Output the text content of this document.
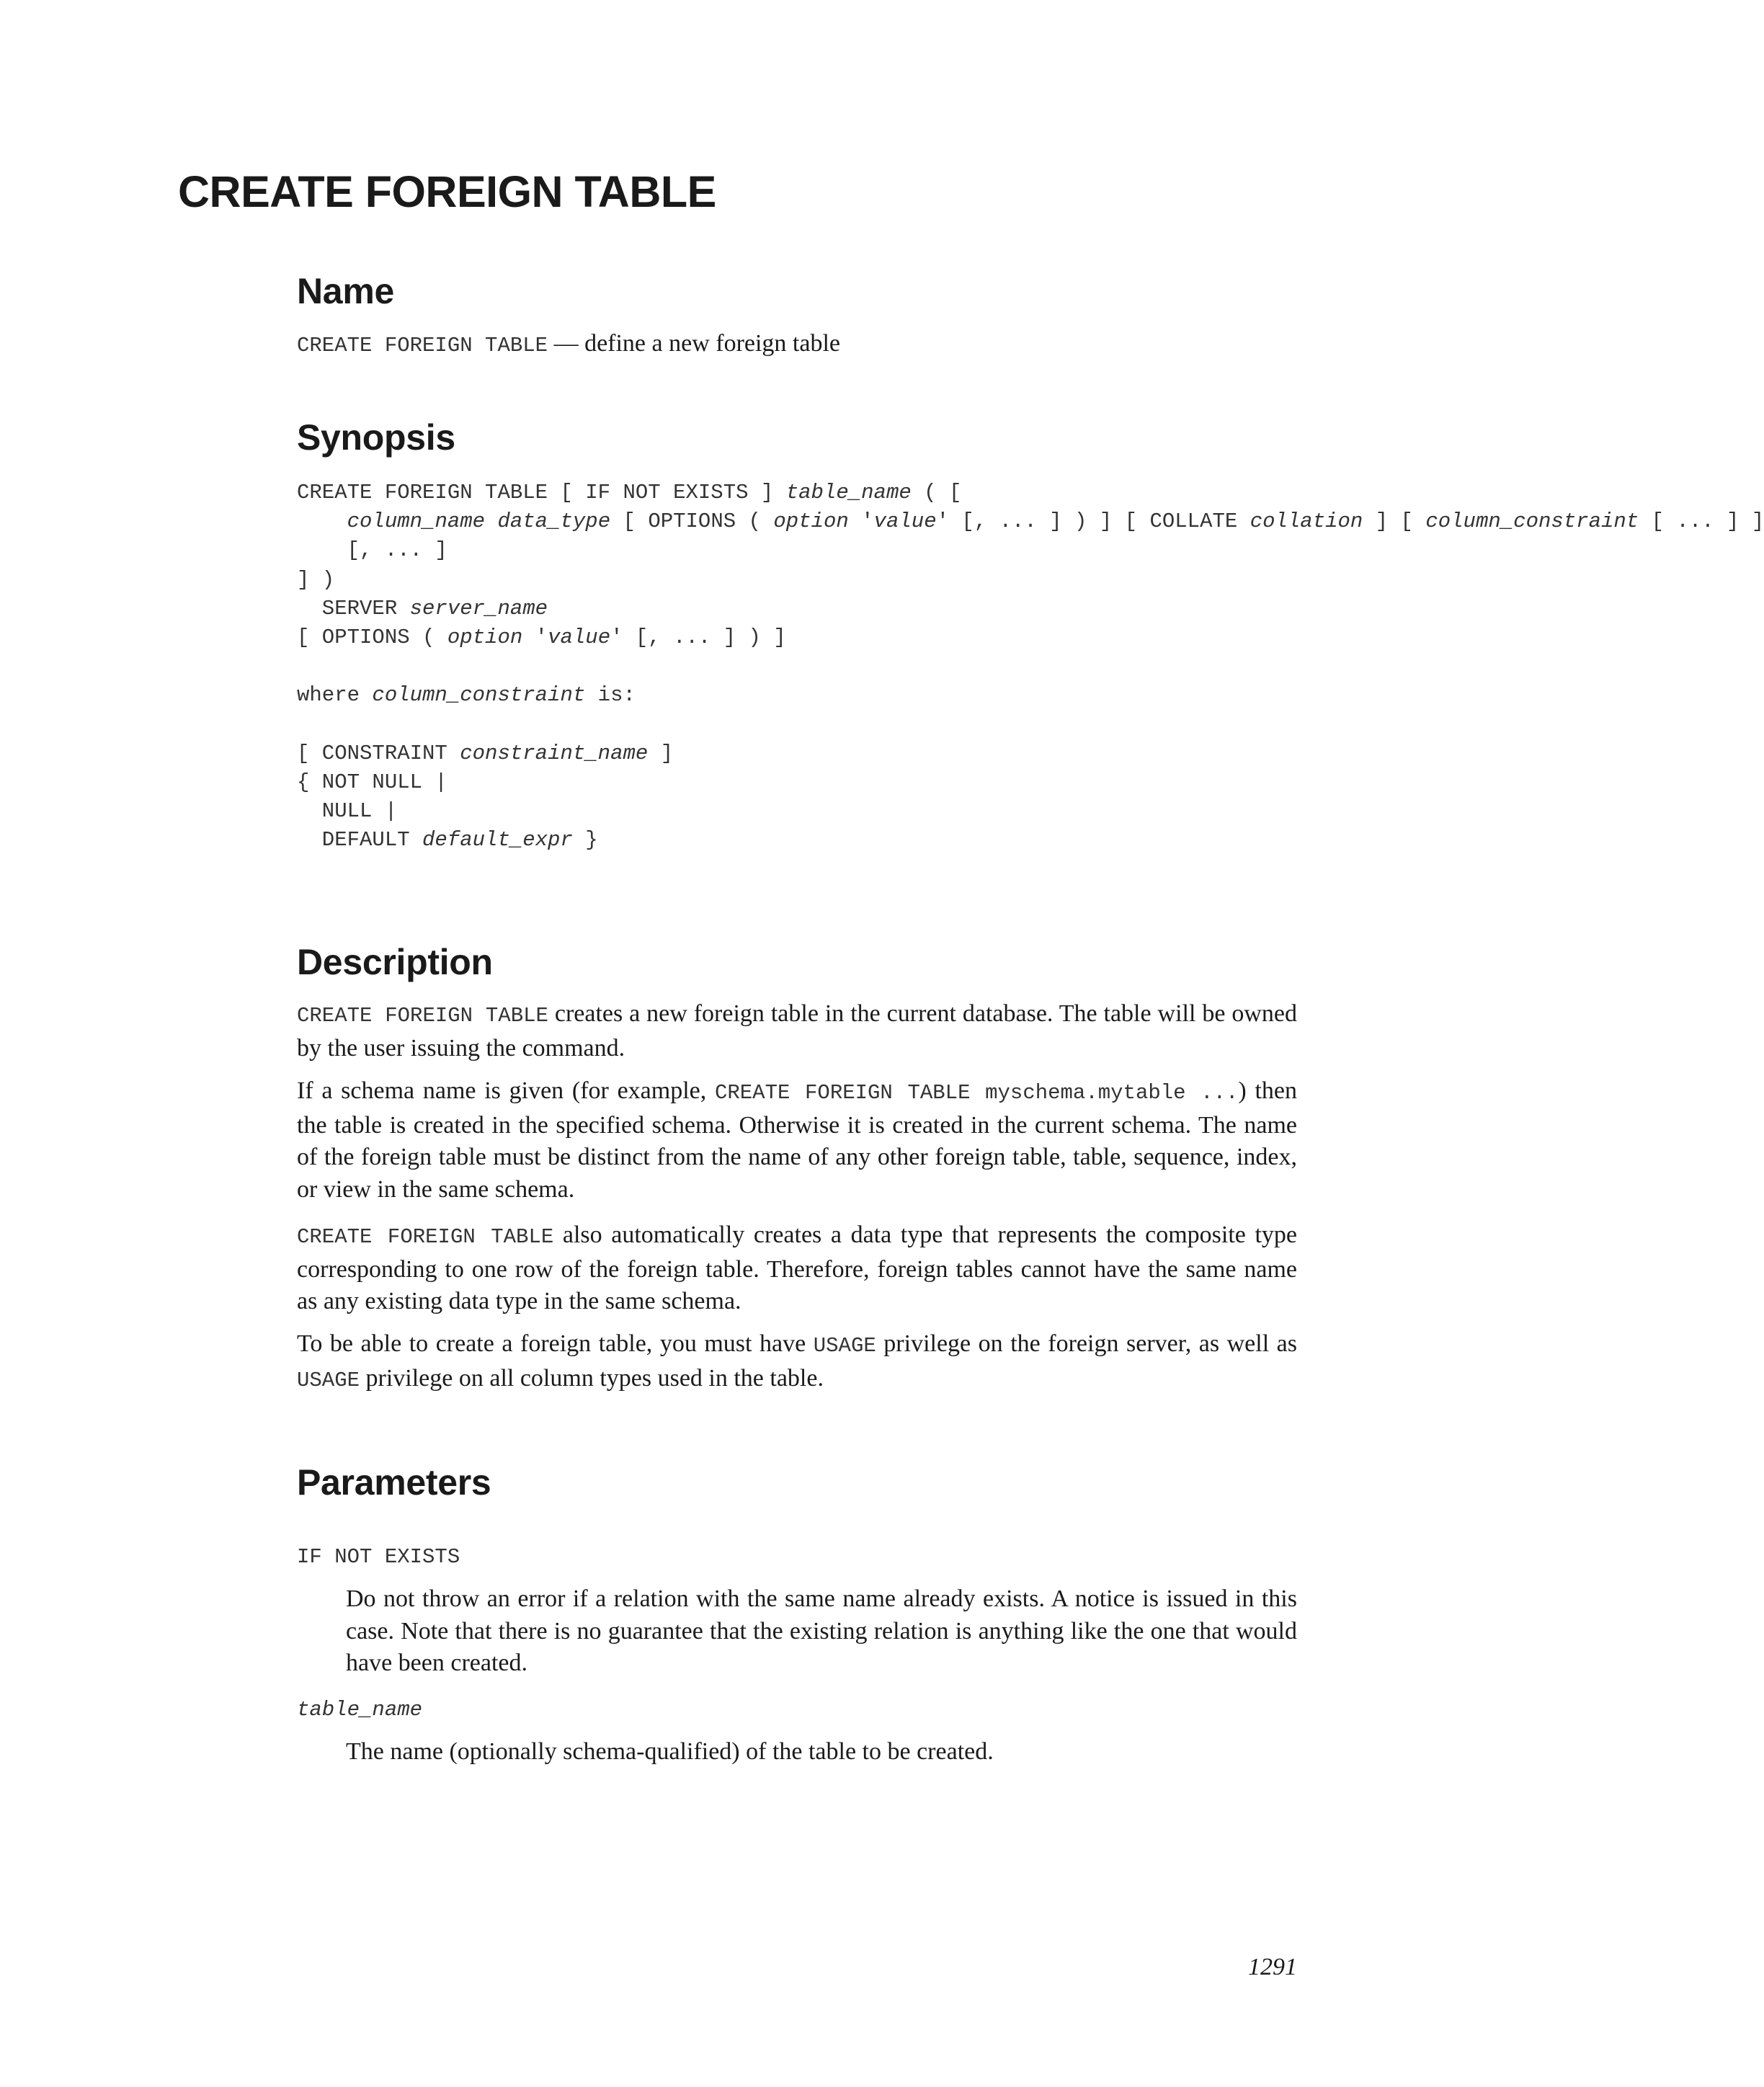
CREATE FOREIGN TABLE
Name

CREATE FOREIGN TABLE — define a new foreign table

Synopsis
CREATE FOREIGN TABLE [ IF NOT EXISTS ] table_name ( [
column_name data_type [ OPTIONS ( option 'value' [, ... ] ) ] [ COLLATE collation ] [ column_constraint [ ... ] ]
[, ... ]
] )
SERVER server_name
[ OPTIONS ( option 'value' [, ... ] ) ]

where column_constraint is:

[ CONSTRAINT constraint_name ]
{ NOT NULL |
NULL |
DEFAULT default_expr }
Description

CREATE FOREIGN TABLE creates a new foreign table in the current database. The table will be owned by the user issuing the command.

If a schema name is given (for example, CREATE FOREIGN TABLE myschema.mytable ...) then the table is created in the specified schema. Otherwise it is created in the current schema. The name of the foreign table must be distinct from the name of any other foreign table, table, sequence, index, or view in the same schema.

CREATE FOREIGN TABLE also automatically creates a data type that represents the composite type corresponding to one row of the foreign table. Therefore, foreign tables cannot have the same name as any existing data type in the same schema.

To be able to create a foreign table, you must have USAGE privilege on the foreign server, as well as USAGE privilege on all column types used in the table.

Parameters
IF NOT EXISTS

Do not throw an error if a relation with the same name already exists. A notice is issued in this case. Note that there is no guarantee that the existing relation is anything like the one that would have been created.

table_name

The name (optionally schema-qualified) of the table to be created.

1291
